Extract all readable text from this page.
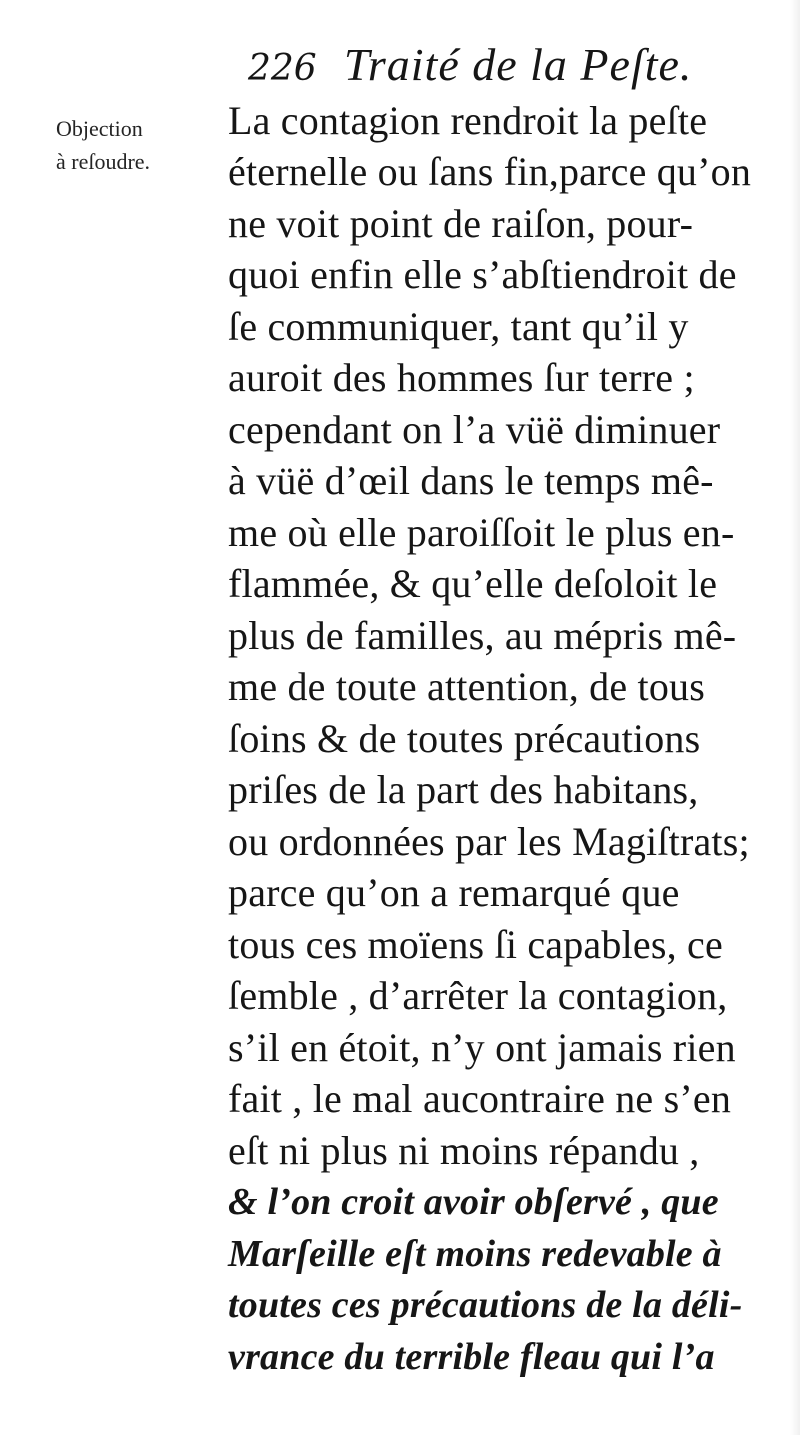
226 Traité de la Peſte.
Objection
à reſoudre.
La contagion rendroit la peſte
éternelle ou ſans fin,parce qu’on
ne voit point de raiſon, pour-
quoi enfin elle s’abſtiendroit de
ſe communiquer, tant qu’il y
auroit des hommes ſur terre ;
cependant on l’a vüë diminuer
à vüë d’œil dans le temps mê-
me où elle paroiſſoit le plus en-
flammée, & qu’elle deſoloit le
plus de familles, au mépris mê-
me de toute attention, de tous
ſoins & de toutes précautions
priſes de la part des habitans,
ou ordonnées par les Magiſtrats;
parce qu’on a remarqué que
tous ces moïens ſi capables, ce
ſemble , d’arrêter la contagion,
s’il en étoit, n’y ont jamais rien
fait , le mal aucontraire ne s’en
eſt ni plus ni moins répandu ,
& l’on croit avoir obſervé , que
Marſeille eſt moins redevable à
toutes ces précautions de la déli-
vrance du terrible fleau qui l’a
